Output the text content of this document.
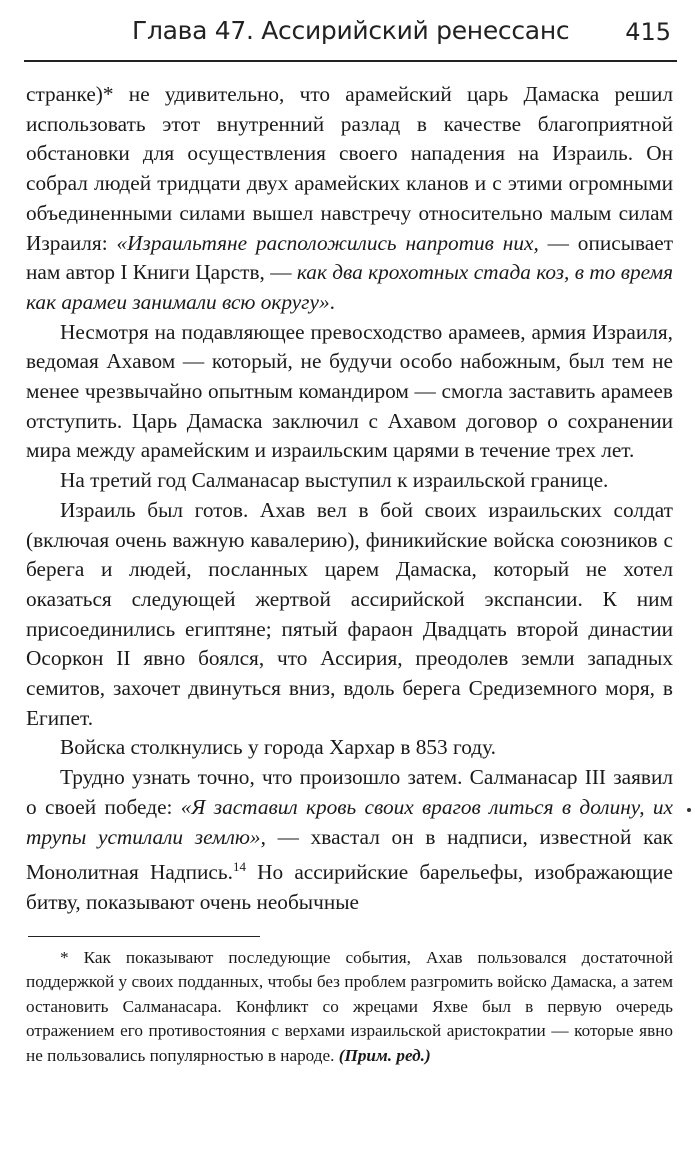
Глава 47. Ассирийский ренессанс 415

странке)* не удивительно, что арамейский царь Дамаска решил использовать этот внутренний разлад в качестве благоприятной обстановки для осуществления своего нападения на Израиль. Он собрал людей тридцати двух арамейских кланов и с этими огромными объединенными силами вышел навстречу относительно малым силам Израиля: «Израильтяне расположились напротив них, — описывает нам автор I Книги Царств, — как два крохотных стада коз, в то время как арамеи занимали всю округу».

Несмотря на подавляющее превосходство арамеев, армия Израиля, ведомая Ахавом — который, не будучи особо набожным, был тем не менее чрезвычайно опытным командиром — смогла заставить арамеев отступить. Царь Дамаска заключил с Ахавом договор о сохранении мира между арамейским и израильским царями в течение трех лет.

На третий год Салманасар выступил к израильской границе.

Израиль был готов. Ахав вел в бой своих израильских солдат (включая очень важную кавалерию), финикийские войска союзников с берега и людей, посланных царем Дамаска, который не хотел оказаться следующей жертвой ассирийской экспансии. К ним присоединились египтяне; пятый фараон Двадцать второй династии Осоркон II явно боялся, что Ассирия, преодолев земли западных семитов, захочет двинуться вниз, вдоль берега Средиземного моря, в Египет.

Войска столкнулись у города Хархар в 853 году.

Трудно узнать точно, что произошло затем. Салманасар III заявил о своей победе: «Я заставил кровь своих врагов литься в долину, их трупы устилали землю», — хвастал он в надписи, известной как Монолитная Надпись.$^{14}$ Но ассирийские барельефы, изображающие битву, показывают очень необычные

* Как показывают последующие события, Ахав пользовался достаточной поддержкой у своих подданных, чтобы без проблем разгромить войско Дамаска, а затем остановить Салманасара. Конфликт со жрецами Яхве был в первую очередь отражением его противостояния с верхами израильской аристократии — которые явно не пользовались популярностью в народе. (Прим. ред.)
